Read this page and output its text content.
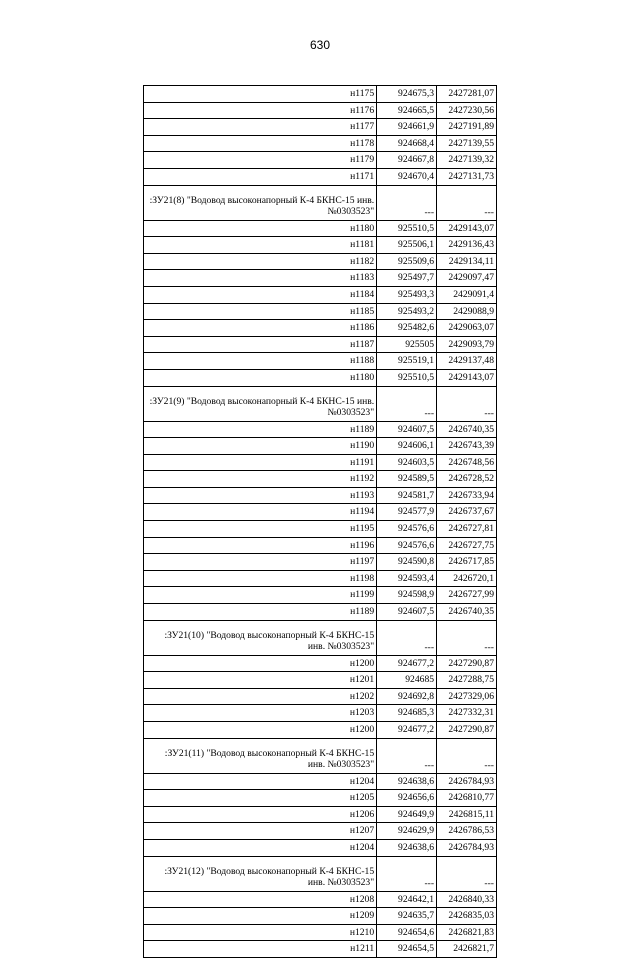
630
н1175	924675,3	2427281,07
н1176	924665,5	2427230,56
н1177	924661,9	2427191,89
н1178	924668,4	2427139,55
н1179	924667,8	2427139,32
н1171	924670,4	2427131,73
:ЗУ21(8) "Водовод высоконапорный К-4 БКНС-15 инв. №0303523"	---	---
н1180	925510,5	2429143,07
н1181	925506,1	2429136,43
н1182	925509,6	2429134,11
н1183	925497,7	2429097,47
н1184	925493,3	2429091,4
н1185	925493,2	2429088,9
н1186	925482,6	2429063,07
н1187	925505	2429093,79
н1188	925519,1	2429137,48
н1180	925510,5	2429143,07
:ЗУ21(9) "Водовод высоконапорный К-4 БКНС-15 инв. №0303523"	---	---
н1189	924607,5	2426740,35
н1190	924606,1	2426743,39
н1191	924603,5	2426748,56
н1192	924589,5	2426728,52
н1193	924581,7	2426733,94
н1194	924577,9	2426737,67
н1195	924576,6	2426727,81
н1196	924576,6	2426727,75
н1197	924590,8	2426717,85
н1198	924593,4	2426720,1
н1199	924598,9	2426727,99
н1189	924607,5	2426740,35
:ЗУ21(10) "Водовод высоконапорный К-4 БКНС-15 инв. №0303523"	---	---
н1200	924677,2	2427290,87
н1201	924685	2427288,75
н1202	924692,8	2427329,06
н1203	924685,3	2427332,31
н1200	924677,2	2427290,87
:ЗУ21(11) "Водовод высоконапорный К-4 БКНС-15 инв. №0303523"	---	---
н1204	924638,6	2426784,93
н1205	924656,6	2426810,77
н1206	924649,9	2426815,11
н1207	924629,9	2426786,53
н1204	924638,6	2426784,93
:ЗУ21(12) "Водовод высоконапорный К-4 БКНС-15 инв. №0303523"	---	---
н1208	924642,1	2426840,33
н1209	924635,7	2426835,03
н1210	924654,6	2426821,83
н1211	924654,5	2426821,7
